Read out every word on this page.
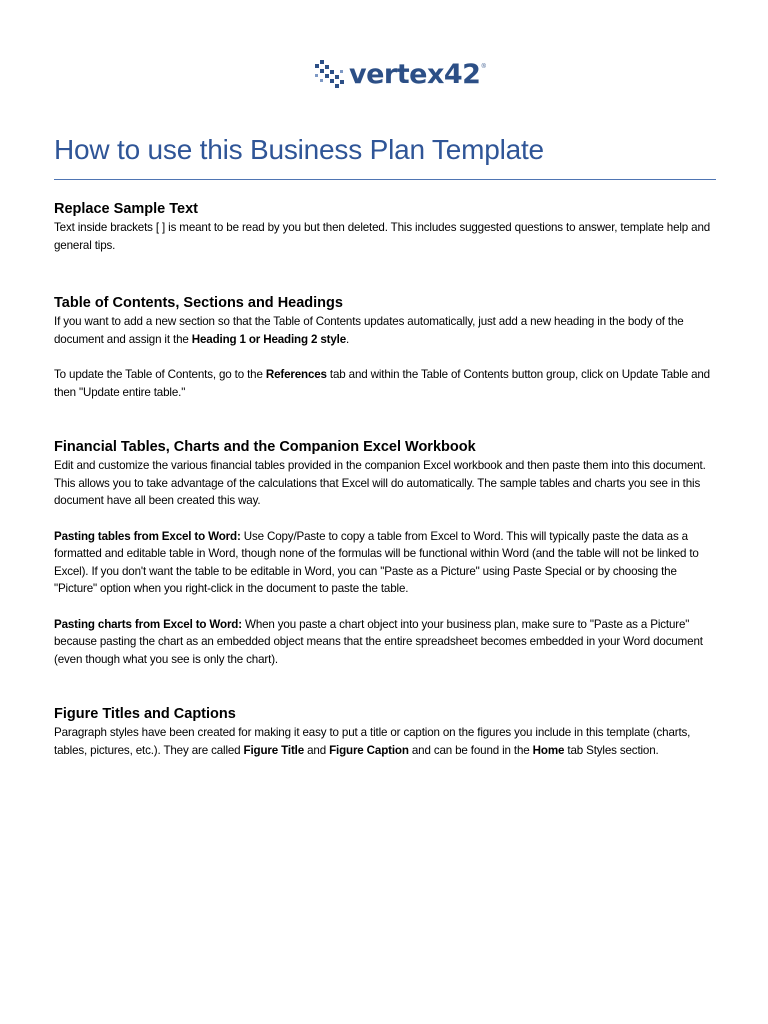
vertex42 ®
How to use this Business Plan Template
Replace Sample Text

Text inside brackets [ ] is meant to be read by you but then deleted. This includes suggested questions to answer, template help and general tips.

Table of Contents, Sections and Headings

If you want to add a new section so that the Table of Contents updates automatically, just add a new heading in the body of the document and assign it the Heading 1 or Heading 2 style.

To update the Table of Contents, go to the References tab and within the Table of Contents button group, click on Update Table and then "Update entire table."

Financial Tables, Charts and the Companion Excel Workbook

Edit and customize the various financial tables provided in the companion Excel workbook and then paste them into this document. This allows you to take advantage of the calculations that Excel will do automatically. The sample tables and charts you see in this document have all been created this way.

Pasting tables from Excel to Word: Use Copy/Paste to copy a table from Excel to Word. This will typically paste the data as a formatted and editable table in Word, though none of the formulas will be functional within Word (and the table will not be linked to Excel). If you don't want the table to be editable in Word, you can "Paste as a Picture" using Paste Special or by choosing the "Picture" option when you right-click in the document to paste the table.

Pasting charts from Excel to Word: When you paste a chart object into your business plan, make sure to "Paste as a Picture" because pasting the chart as an embedded object means that the entire spreadsheet becomes embedded in your Word document (even though what you see is only the chart).

Figure Titles and Captions

Paragraph styles have been created for making it easy to put a title or caption on the figures you include in this template (charts, tables, pictures, etc.). They are called Figure Title and Figure Caption and can be found in the Home tab Styles section.
